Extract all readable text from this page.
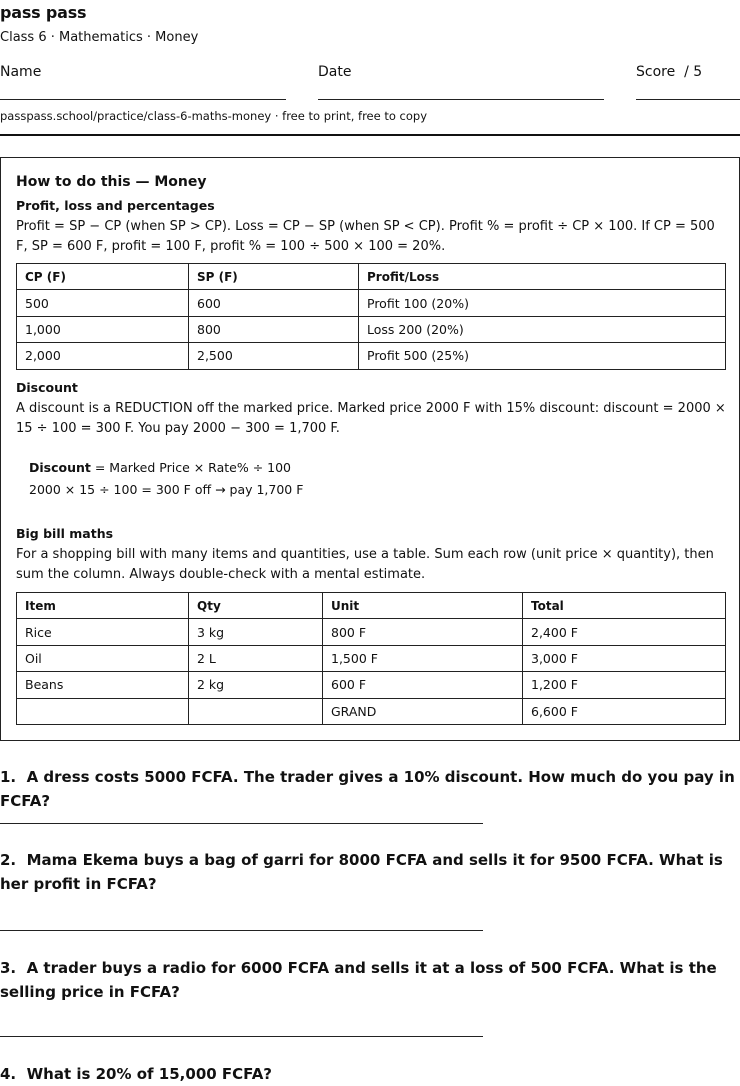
pass pass
Class 6 · Mathematics · Money
Name	Date	Score  / 5
passpass.school/practice/class-6-maths-money · free to print, free to copy
How to do this — Money
Profit, loss and percentages
Profit = SP − CP (when SP > CP). Loss = CP − SP (when SP < CP). Profit % = profit ÷ CP × 100. If CP = 500 F, SP = 600 F, profit = 100 F, profit % = 100 ÷ 500 × 100 = 20%.
CP (F)	SP (F)	Profit/Loss
500	600	Profit 100 (20%)
1,000	800	Loss 200 (20%)
2,000	2,500	Profit 500 (25%)
Discount
A discount is a REDUCTION off the marked price. Marked price 2000 F with 15% discount: discount = 2000 × 15 ÷ 100 = 300 F. You pay 2000 − 300 = 1,700 F.
Discount = Marked Price × Rate% ÷ 100
2000 × 15 ÷ 100 = 300 F off → pay 1,700 F
Big bill maths
For a shopping bill with many items and quantities, use a table. Sum each row (unit price × quantity), then sum the column. Always double-check with a mental estimate.
Item	Qty	Unit	Total
Rice	3 kg	800 F	2,400 F
Oil	2 L	1,500 F	3,000 F
Beans	2 kg	600 F	1,200 F
		GRAND	6,600 F
1. A dress costs 5000 FCFA. The trader gives a 10% discount. How much do you pay in FCFA?
2. Mama Ekema buys a bag of garri for 8000 FCFA and sells it for 9500 FCFA. What is her profit in FCFA?
3. A trader buys a radio for 6000 FCFA and sells it at a loss of 500 FCFA. What is the selling price in FCFA?
4. What is 20% of 15,000 FCFA?
